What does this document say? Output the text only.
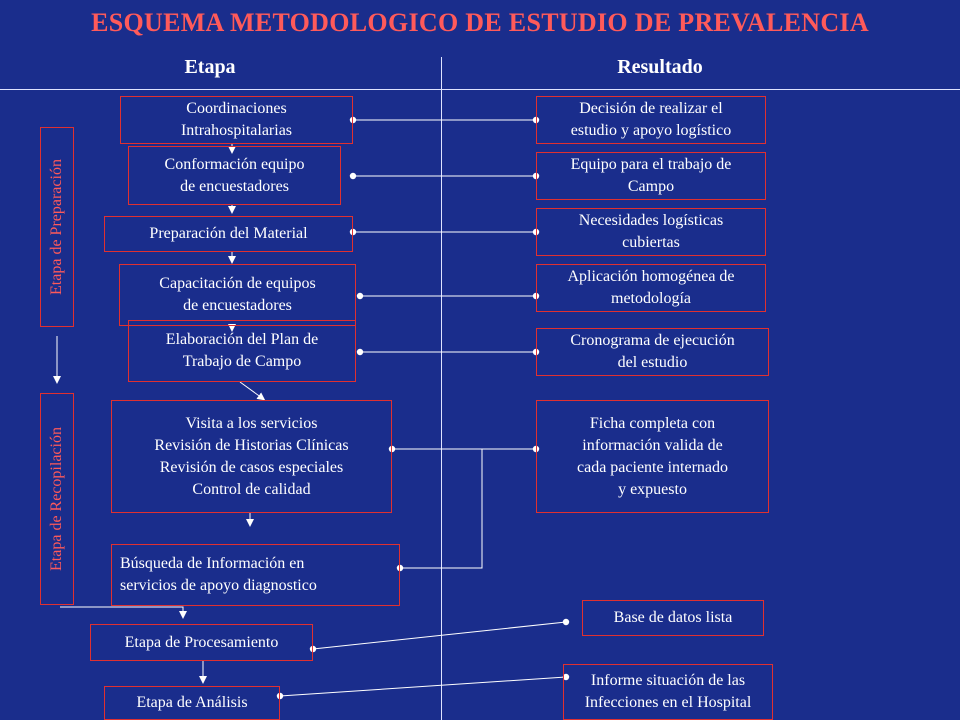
ESQUEMA METODOLOGICO DE ESTUDIO DE PREVALENCIA
Etapa	Resultado
Etapa de Preparación
Etapa de Recopilación
Coordinaciones
Intrahospitalarias
Conformación equipo
de encuestadores
Preparación del Material
Capacitación de equipos
de encuestadores
Elaboración del Plan de
Trabajo de Campo
Visita a los servicios
Revisión de Historias Clínicas
Revisión de casos especiales
Control de calidad
Búsqueda de Información en
servicios de apoyo diagnostico
Etapa de Procesamiento
Etapa de Análisis
Decisión de realizar el
estudio y apoyo logístico
Equipo para el trabajo de
Campo
Necesidades logísticas
cubiertas
Aplicación homogénea de
metodología
Cronograma de ejecución
del estudio
Ficha completa con
información valida de
cada paciente internado
y expuesto
Base de datos lista
Informe situación de las
Infecciones en el Hospital
